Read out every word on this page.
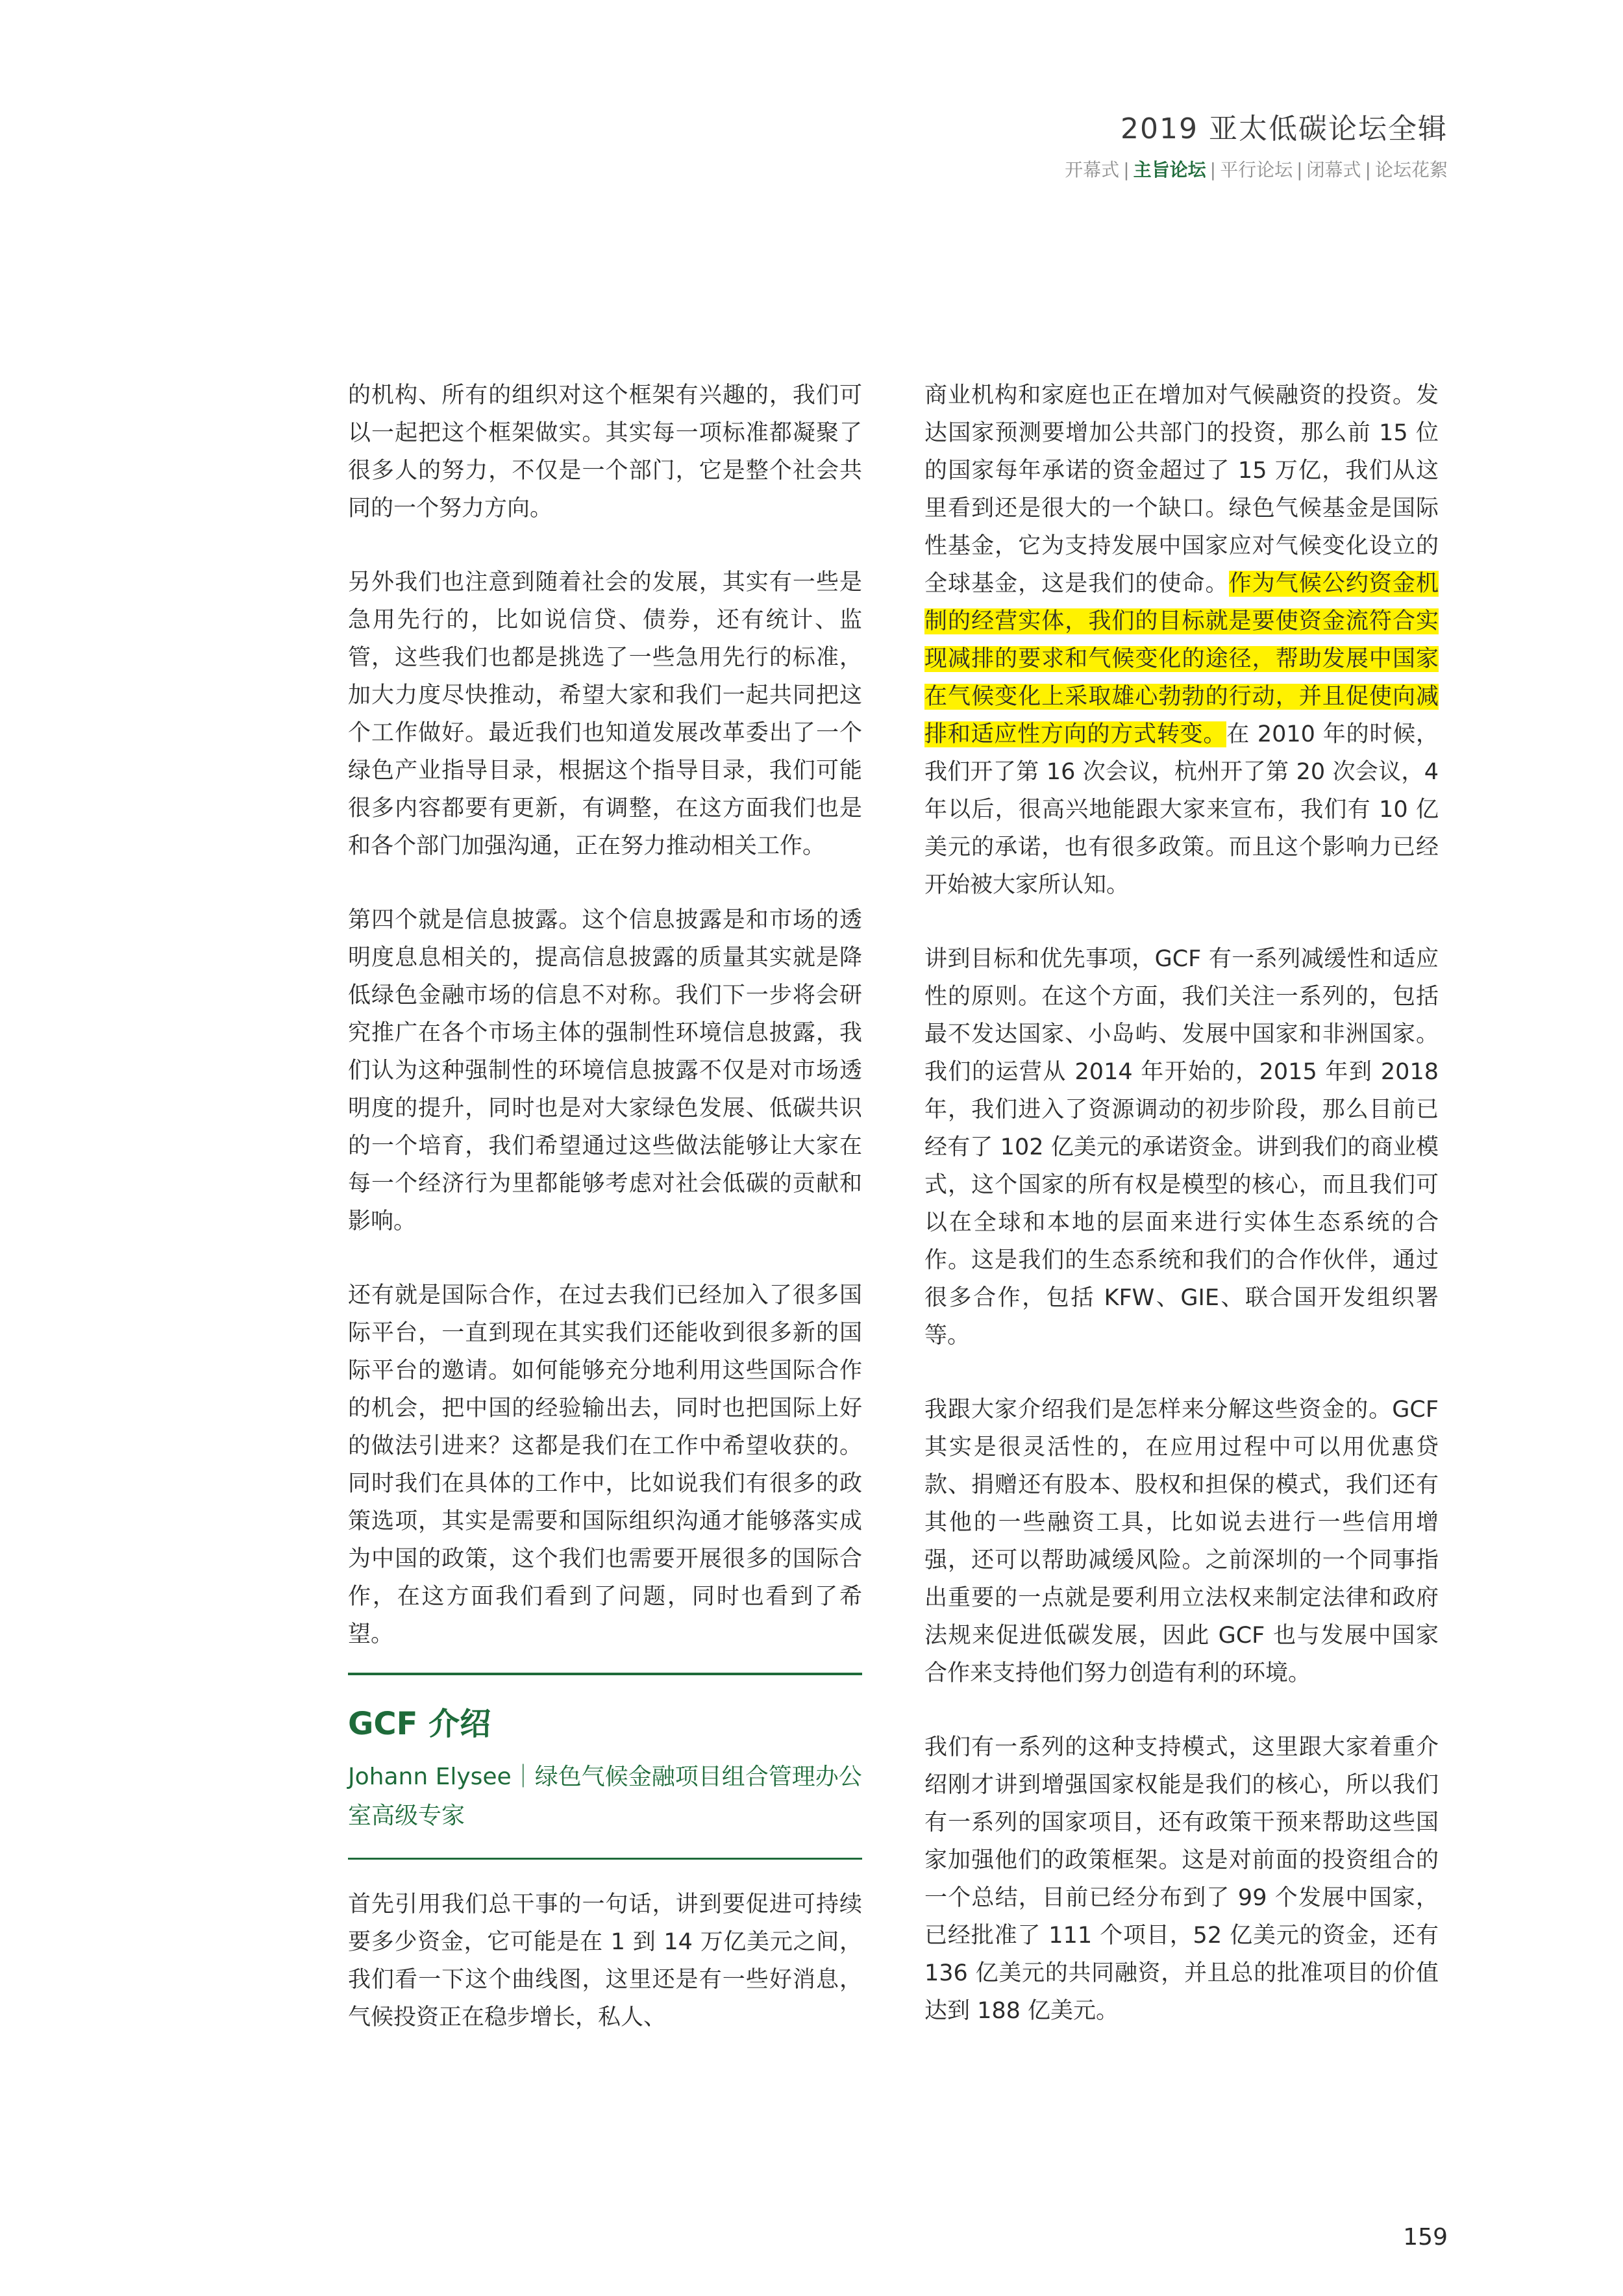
2019 亚太低碳论坛全辑
开幕式 | 主旨论坛 | 平行论坛 | 闭幕式 | 论坛花絮

的机构、所有的组织对这个框架有兴趣的，我们可以一起把这个框架做实。其实每一项标准都凝聚了很多人的努力，不仅是一个部门，它是整个社会共同的一个努力方向。

另外我们也注意到随着社会的发展，其实有一些是急用先行的，比如说信贷、债券，还有统计、监管，这些我们也都是挑选了一些急用先行的标准，加大力度尽快推动，希望大家和我们一起共同把这个工作做好。最近我们也知道发展改革委出了一个绿色产业指导目录，根据这个指导目录，我们可能很多内容都要有更新，有调整，在这方面我们也是和各个部门加强沟通，正在努力推动相关工作。

第四个就是信息披露。这个信息披露是和市场的透明度息息相关的，提高信息披露的质量其实就是降低绿色金融市场的信息不对称。我们下一步将会研究推广在各个市场主体的强制性环境信息披露，我们认为这种强制性的环境信息披露不仅是对市场透明度的提升，同时也是对大家绿色发展、低碳共识的一个培育，我们希望通过这些做法能够让大家在每一个经济行为里都能够考虑对社会低碳的贡献和影响。

还有就是国际合作，在过去我们已经加入了很多国际平台，一直到现在其实我们还能收到很多新的国际平台的邀请。如何能够充分地利用这些国际合作的机会，把中国的经验输出去，同时也把国际上好的做法引进来？这都是我们在工作中希望收获的。同时我们在具体的工作中，比如说我们有很多的政策选项，其实是需要和国际组织沟通才能够落实成为中国的政策，这个我们也需要开展很多的国际合作，在这方面我们看到了问题，同时也看到了希望。

GCF 介绍
Johann Elysee｜绿色气候金融项目组合管理办公室高级专家

首先引用我们总干事的一句话，讲到要促进可持续要多少资金，它可能是在 1 到 14 万亿美元之间，我们看一下这个曲线图，这里还是有一些好消息，气候投资正在稳步增长，私人、

商业机构和家庭也正在增加对气候融资的投资。发达国家预测要增加公共部门的投资，那么前 15 位的国家每年承诺的资金超过了 15 万亿，我们从这里看到还是很大的一个缺口。绿色气候基金是国际性基金，它为支持发展中国家应对气候变化设立的全球基金，这是我们的使命。作为气候公约资金机制的经营实体，我们的目标就是要使资金流符合实现减排的要求和气候变化的途径，帮助发展中国家在气候变化上采取雄心勃勃的行动，并且促使向减排和适应性方向的方式转变。在 2010 年的时候，我们开了第 16 次会议，杭州开了第 20 次会议，4 年以后，很高兴地能跟大家来宣布，我们有 10 亿美元的承诺，也有很多政策。而且这个影响力已经开始被大家所认知。

讲到目标和优先事项，GCF 有一系列减缓性和适应性的原则。在这个方面，我们关注一系列的，包括最不发达国家、小岛屿、发展中国家和非洲国家。我们的运营从 2014 年开始的，2015 年到 2018 年，我们进入了资源调动的初步阶段，那么目前已经有了 102 亿美元的承诺资金。讲到我们的商业模式，这个国家的所有权是模型的核心，而且我们可以在全球和本地的层面来进行实体生态系统的合作。这是我们的生态系统和我们的合作伙伴，通过很多合作，包括 KFW、GIE、联合国开发组织署等。

我跟大家介绍我们是怎样来分解这些资金的。GCF 其实是很灵活性的，在应用过程中可以用优惠贷款、捐赠还有股本、股权和担保的模式，我们还有其他的一些融资工具，比如说去进行一些信用增强，还可以帮助减缓风险。之前深圳的一个同事指出重要的一点就是要利用立法权来制定法律和政府法规来促进低碳发展，因此 GCF 也与发展中国家合作来支持他们努力创造有利的环境。

我们有一系列的这种支持模式，这里跟大家着重介绍刚才讲到增强国家权能是我们的核心，所以我们有一系列的国家项目，还有政策干预来帮助这些国家加强他们的政策框架。这是对前面的投资组合的一个总结，目前已经分布到了 99 个发展中国家，已经批准了 111 个项目，52 亿美元的资金，还有 136 亿美元的共同融资，并且总的批准项目的价值达到 188 亿美元。

159
